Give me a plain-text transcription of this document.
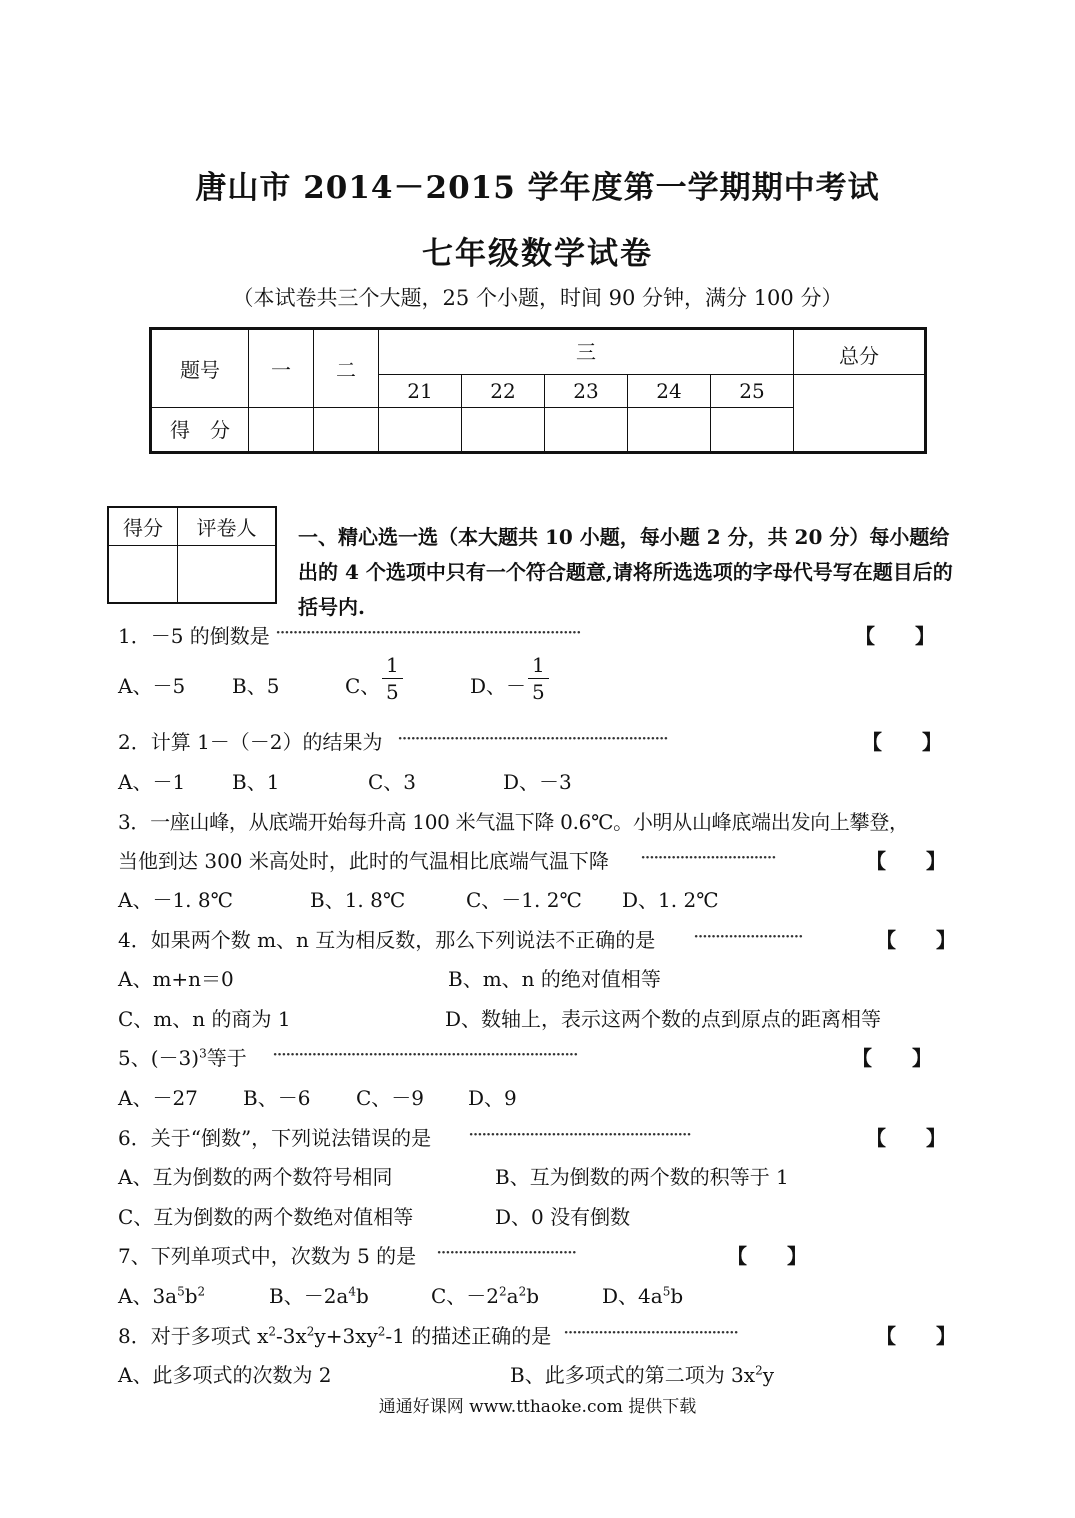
唐山市 2014－2015 学年度第一学期期中考试
七年级数学试卷
（本试卷共三个大题，25 个小题，时间 90 分钟，满分 100 分）
题号	一	二	三					总分
			21	22	23	24	25	
得　分								
得分	评卷人
	一、精心选一选（本大题共 10 小题，每小题 2 分，共 20 分）每小题给出的 4 个选项中只有一个符合题意,请将所选选项的字母代号写在题目后的括号内.
1．－5 的倒数是 ······································································	【　　】
A、－5 B、5	C、 $\frac{1}{5}$	D、－ $\frac{1}{5}$
2．计算 1－（－2）的结果为 ······························································	【　　】
A、－1 B、1	C、3	D、－3
3．一座山峰，从底端开始每升高 100 米气温下降 0.6℃。小明从山峰底端出发向上攀登，
当他到达 300 米高处时，此时的气温相比底端气温下降 ·······························	【　　】
A、－1. 8℃	B、1. 8℃	C、－1. 2℃ D、1. 2℃
4．如果两个数 m、n 互为相反数，那么下列说法不正确的是 ·························	【　　】
A、m+n＝0	B、m、n 的绝对值相等
C、m、n 的商为 1	D、数轴上，表示这两个数的点到原点的距离相等
5、$(-3)^3$等于 ······································································	【　　】
A、－27 B、－6 C、－9 D、9
6．关于“倒数”，下列说法错误的是 ···················································	【　　】
A、互为倒数的两个数符号相同	B、互为倒数的两个数的积等于 1
C、互为倒数的两个数绝对值相等	D、0 没有倒数
7、下列单项式中，次数为 5 的是 ································	【　　】
A、$3a^5b^2$	B、$-2a^4b$	C、$-2^2a^2b$	D、$4a^5b$
8．对于多项式 $x^2-3x^2y+3xy^2-1$ 的描述正确的是 ········································	【　　】
A、此多项式的次数为 2	B、此多项式的第二项为 $3x^2y$
通通好课网 www.tthaoke.com 提供下载
